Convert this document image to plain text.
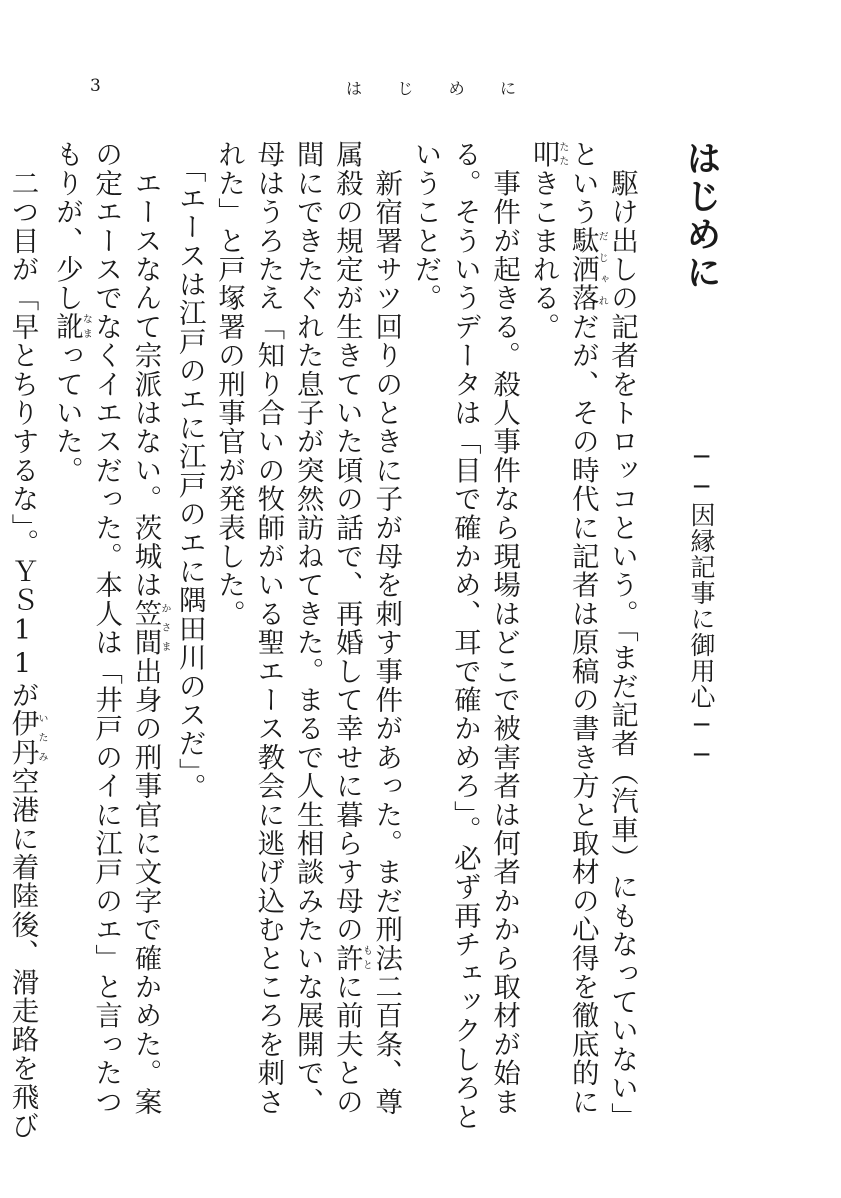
3	は じ め に
はじめに──因縁記事に御用心──

　駆け出しの記者をトロッコという。「まだ記者（汽車）にもなっていない」という駄洒落だじゃれだが、その時代に記者は原稿の書き方と取材の心得を徹底的に叩たたきこまれる。

　事件が起きる。殺人事件なら現場はどこで被害者は何者かから取材が始まる。そういうデータは「目で確かめ、耳で確かめろ」。必ず再チェックしろということだ。

　新宿署サツ回りのときに子が母を刺す事件があった。まだ刑法二百条、尊属殺の規定が生きていた頃の話で、再婚して幸せに暮らす母の許もとに前夫との間にできたぐれた息子が突然訪ねてきた。まるで人生相談みたいな展開で、母はうろたえ「知り合いの牧師がいる聖エース教会に逃げ込むところを刺された」と戸塚署の刑事官が発表した。

　「エースは江戸のエに江戸のエに隅田川のスだ」。

　エースなんて宗派はない。茨城は笠間かさま出身の刑事官に文字で確かめた。案の定エースでなくイエスだった。本人は「井戸のイに江戸のエ」と言ったつもりが、少し訛なまっていた。

　二つ目が「早とちりするな」。ＹＳ11が伊丹いたみ空港に着陸後、滑走路を飛び
